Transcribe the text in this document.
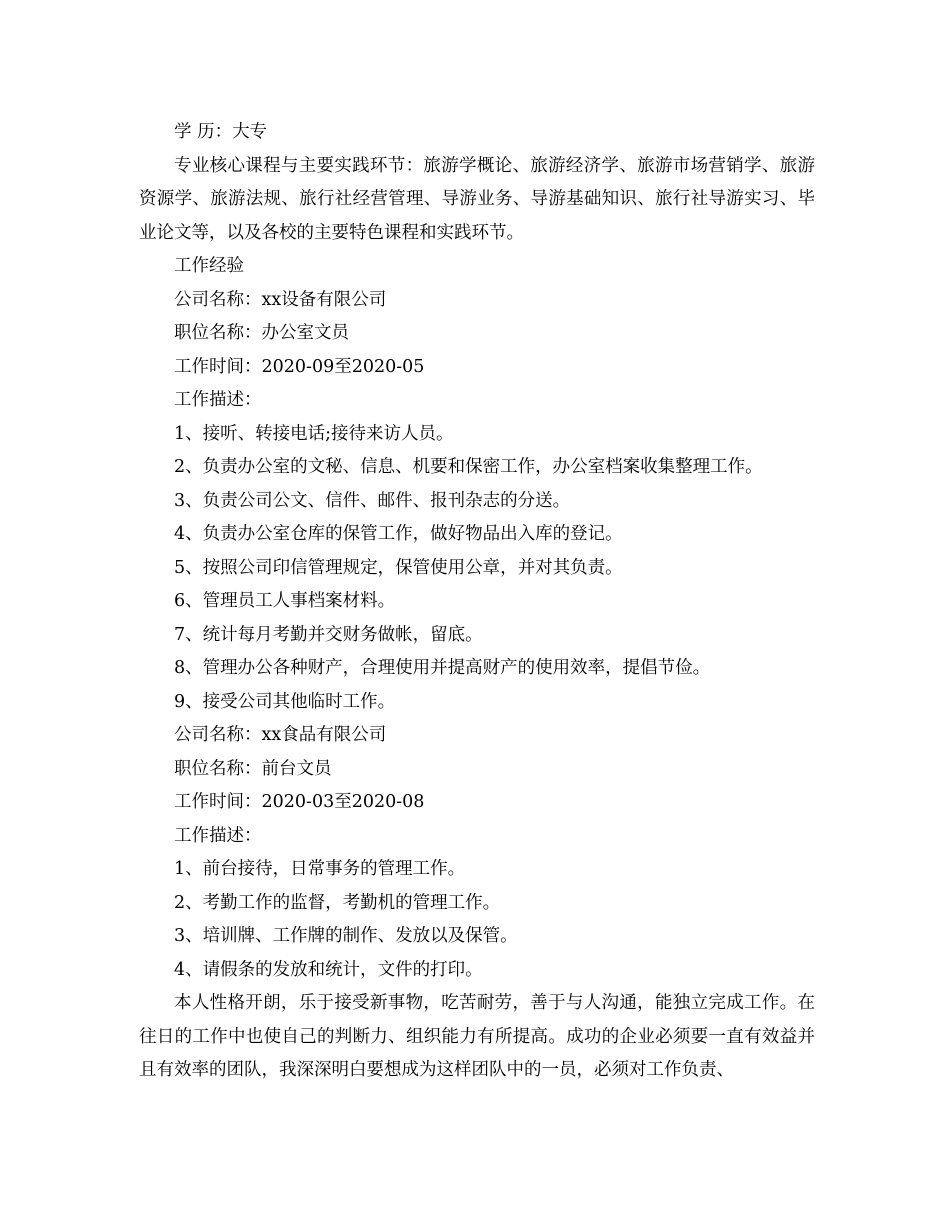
学 历：大专

专业核心课程与主要实践环节：旅游学概论、旅游经济学、旅游市场营销学、旅游资源学、旅游法规、旅行社经营管理、导游业务、导游基础知识、旅行社导游实习、毕业论文等，以及各校的主要特色课程和实践环节。

工作经验

公司名称：xx设备有限公司

职位名称：办公室文员

工作时间：2020-09至2020-05

工作描述：

1、接听、转接电话;接待来访人员。

2、负责办公室的文秘、信息、机要和保密工作，办公室档案收集整理工作。

3、负责公司公文、信件、邮件、报刊杂志的分送。

4、负责办公室仓库的保管工作，做好物品出入库的登记。

5、按照公司印信管理规定，保管使用公章，并对其负责。

6、管理员工人事档案材料。

7、统计每月考勤并交财务做帐，留底。

8、管理办公各种财产，合理使用并提高财产的使用效率，提倡节俭。

9、接受公司其他临时工作。

公司名称：xx食品有限公司

职位名称：前台文员

工作时间：2020-03至2020-08

工作描述：

1、前台接待，日常事务的管理工作。

2、考勤工作的监督，考勤机的管理工作。

3、培训牌、工作牌的制作、发放以及保管。

4、请假条的发放和统计，文件的打印。

本人性格开朗，乐于接受新事物，吃苦耐劳，善于与人沟通，能独立完成工作。在往日的工作中也使自己的判断力、组织能力有所提高。成功的企业必须要一直有效益并且有效率的团队，我深深明白要想成为这样团队中的一员，必须对工作负责、
